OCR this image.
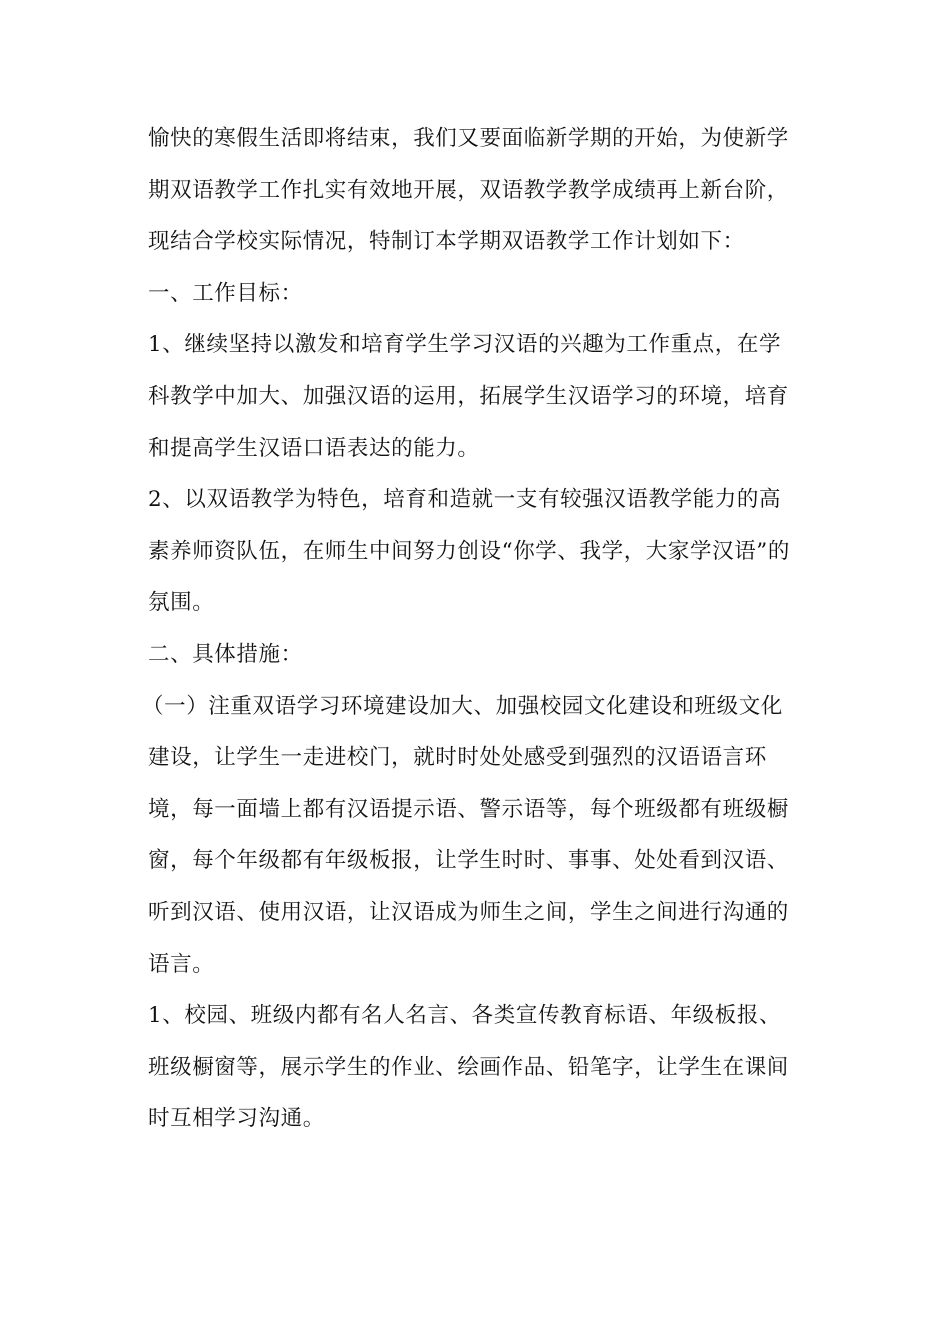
愉快的寒假生活即将结束，我们又要面临新学期的开始，为使新学
期双语教学工作扎实有效地开展，双语教学教学成绩再上新台阶，
现结合学校实际情况，特制订本学期双语教学工作计划如下：
一、工作目标：
1、继续坚持以激发和培育学生学习汉语的兴趣为工作重点，在学
科教学中加大、加强汉语的运用，拓展学生汉语学习的环境，培育
和提高学生汉语口语表达的能力。
2、以双语教学为特色，培育和造就一支有较强汉语教学能力的高
素养师资队伍，在师生中间努力创设“你学、我学，大家学汉语”的
氛围。
二、具体措施：
（一）注重双语学习环境建设加大、加强校园文化建设和班级文化
建设，让学生一走进校门，就时时处处感受到强烈的汉语语言环
境，每一面墙上都有汉语提示语、警示语等，每个班级都有班级橱
窗，每个年级都有年级板报，让学生时时、事事、处处看到汉语、
听到汉语、使用汉语，让汉语成为师生之间，学生之间进行沟通的
语言。
1、校园、班级内都有名人名言、各类宣传教育标语、年级板报、
班级橱窗等，展示学生的作业、绘画作品、铅笔字，让学生在课间
时互相学习沟通。
